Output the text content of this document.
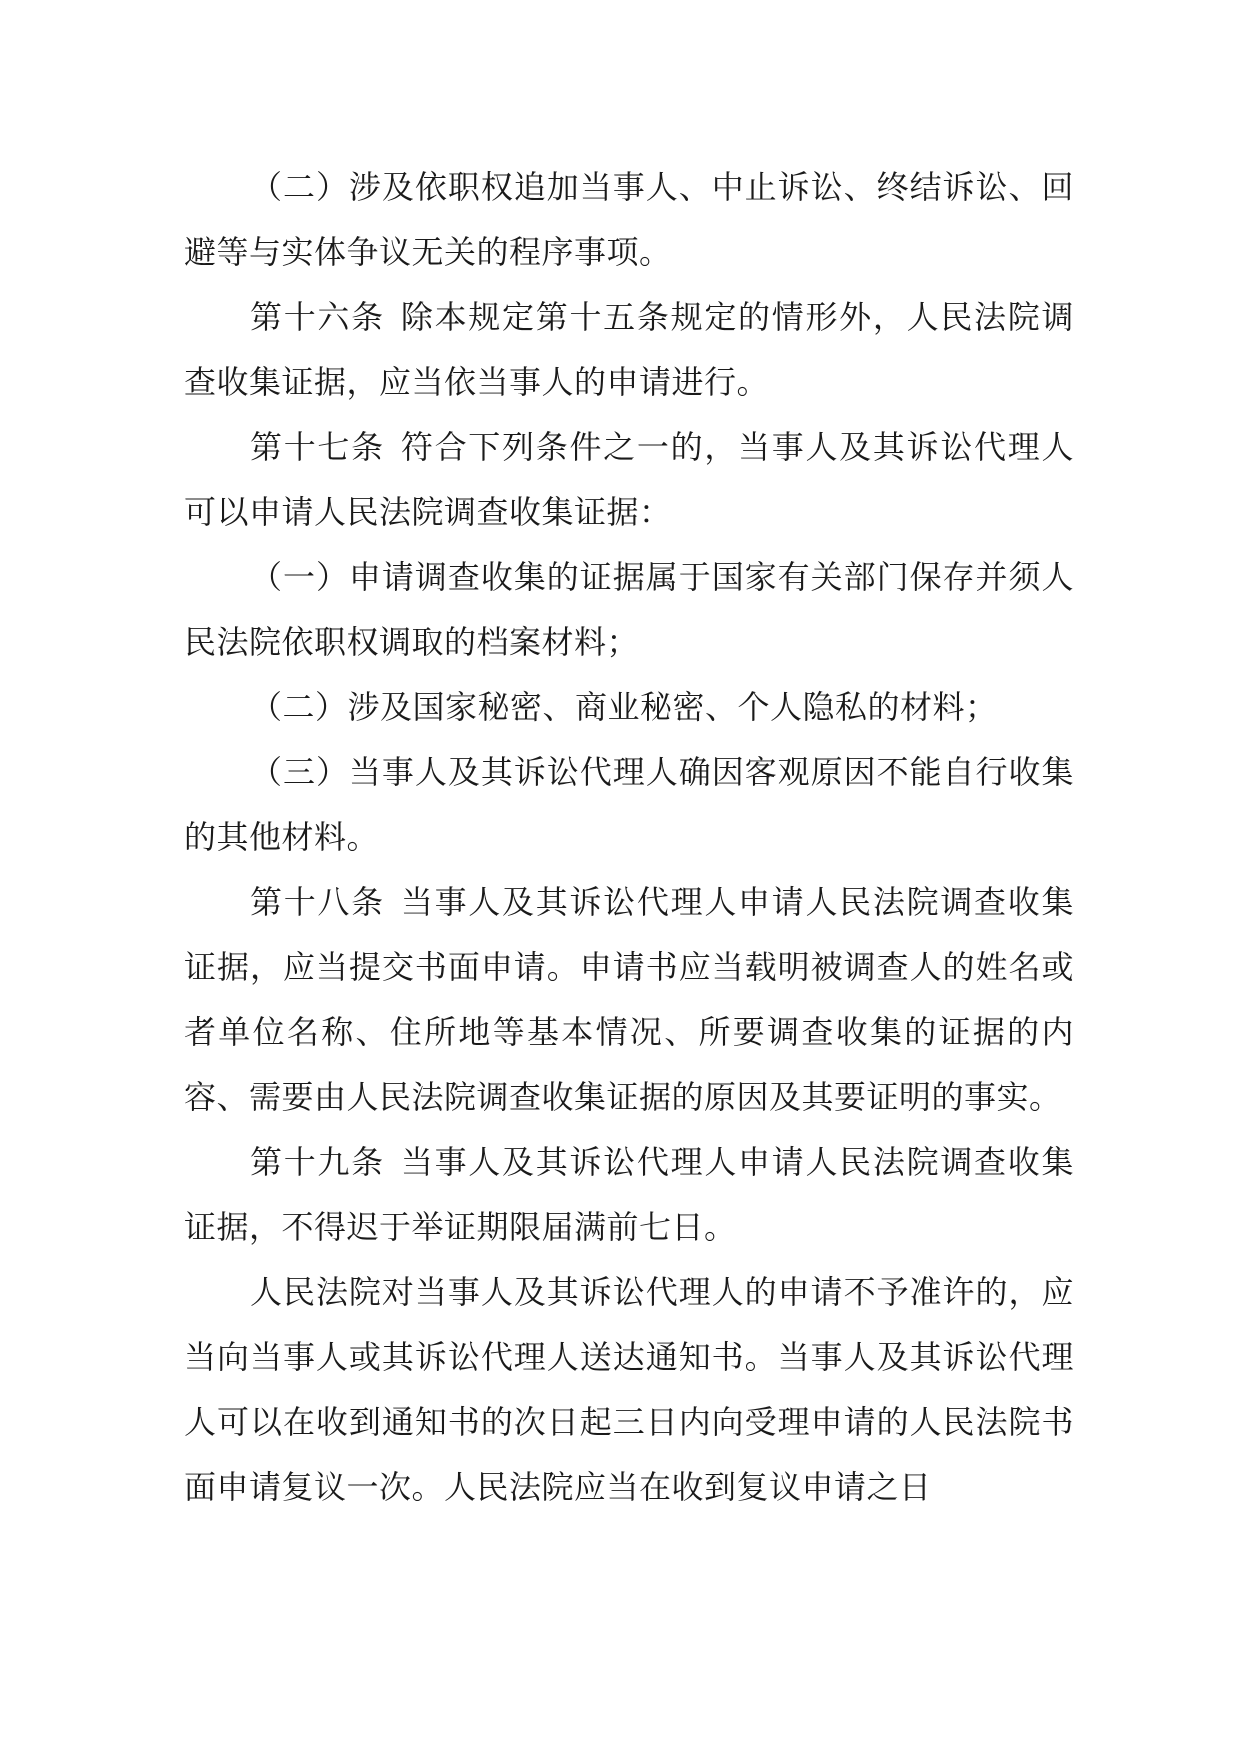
（二）涉及依职权追加当事人、中止诉讼、终结诉讼、回避等与实体争议无关的程序事项。

第十六条 除本规定第十五条规定的情形外，人民法院调查收集证据，应当依当事人的申请进行。

第十七条 符合下列条件之一的，当事人及其诉讼代理人可以申请人民法院调查收集证据：

（一）申请调查收集的证据属于国家有关部门保存并须人民法院依职权调取的档案材料；

（二）涉及国家秘密、商业秘密、个人隐私的材料；

（三）当事人及其诉讼代理人确因客观原因不能自行收集的其他材料。

第十八条 当事人及其诉讼代理人申请人民法院调查收集证据，应当提交书面申请。申请书应当载明被调查人的姓名或者单位名称、住所地等基本情况、所要调查收集的证据的内容、需要由人民法院调查收集证据的原因及其要证明的事实。

第十九条 当事人及其诉讼代理人申请人民法院调查收集证据，不得迟于举证期限届满前七日。

人民法院对当事人及其诉讼代理人的申请不予准许的，应当向当事人或其诉讼代理人送达通知书。当事人及其诉讼代理人可以在收到通知书的次日起三日内向受理申请的人民法院书面申请复议一次。人民法院应当在收到复议申请之日
